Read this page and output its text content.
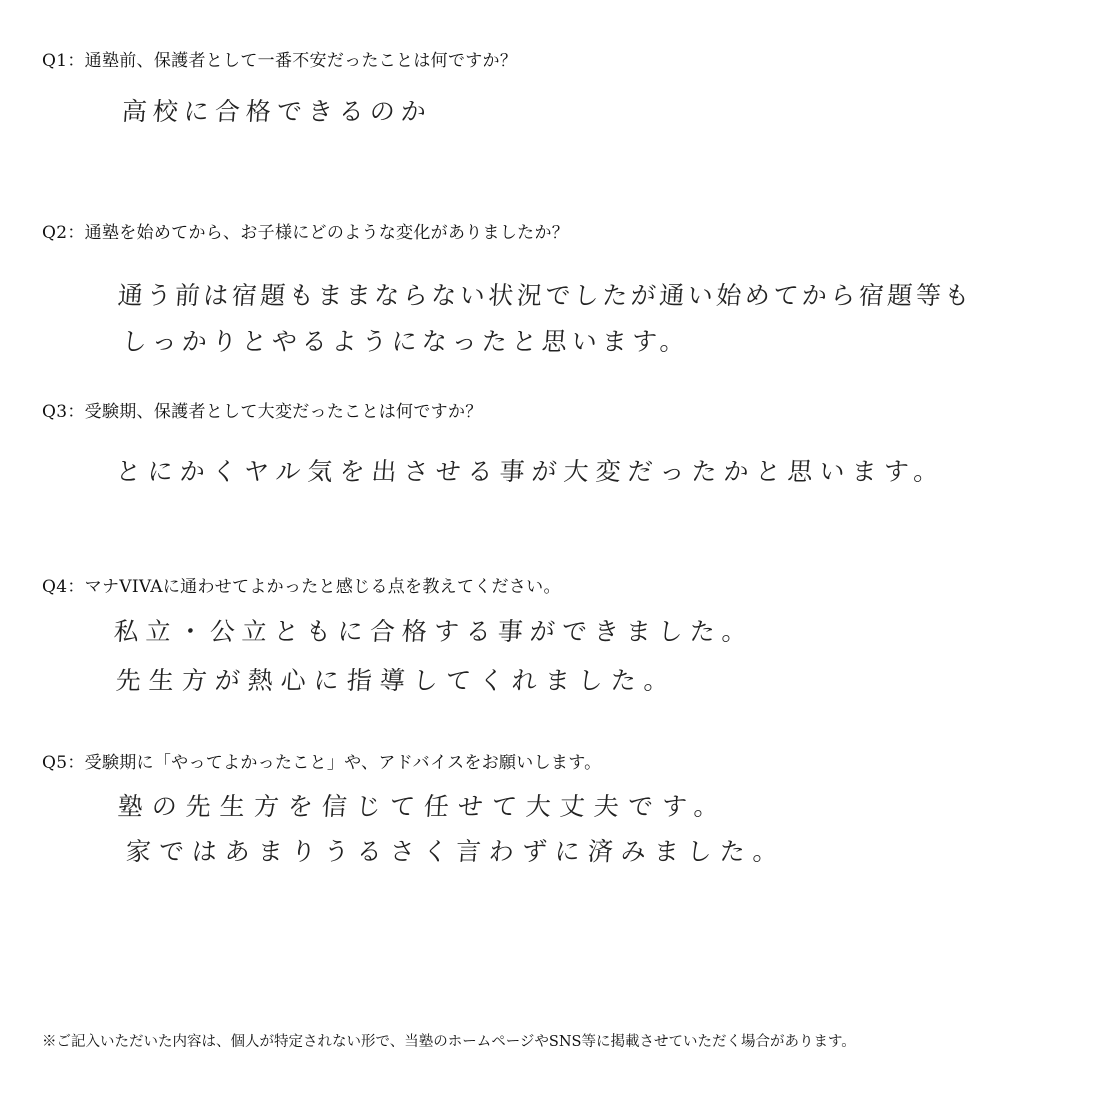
Q1：通塾前、保護者として一番不安だったことは何ですか？
高校に合格できるのか
Q2：通塾を始めてから、お子様にどのような変化がありましたか？
通う前は宿題もままならない状況でしたが通い始めてから宿題等も
しっかりとやるようになったと思います。
Q3：受験期、保護者として大変だったことは何ですか？
とにかくヤル気を出させる事が大変だったかと思います。
Q4：マナVIVAに通わせてよかったと感じる点を教えてください。
私立・公立ともに合格する事ができました。
先生方が熱心に指導してくれました。
Q5：受験期に「やってよかったこと」や、アドバイスをお願いします。
塾の先生方を信じて任せて大丈夫です。
家ではあまりうるさく言わずに済みました。
※ご記入いただいた内容は、個人が特定されない形で、当塾のホームページやSNS等に掲載させていただく場合があります。
